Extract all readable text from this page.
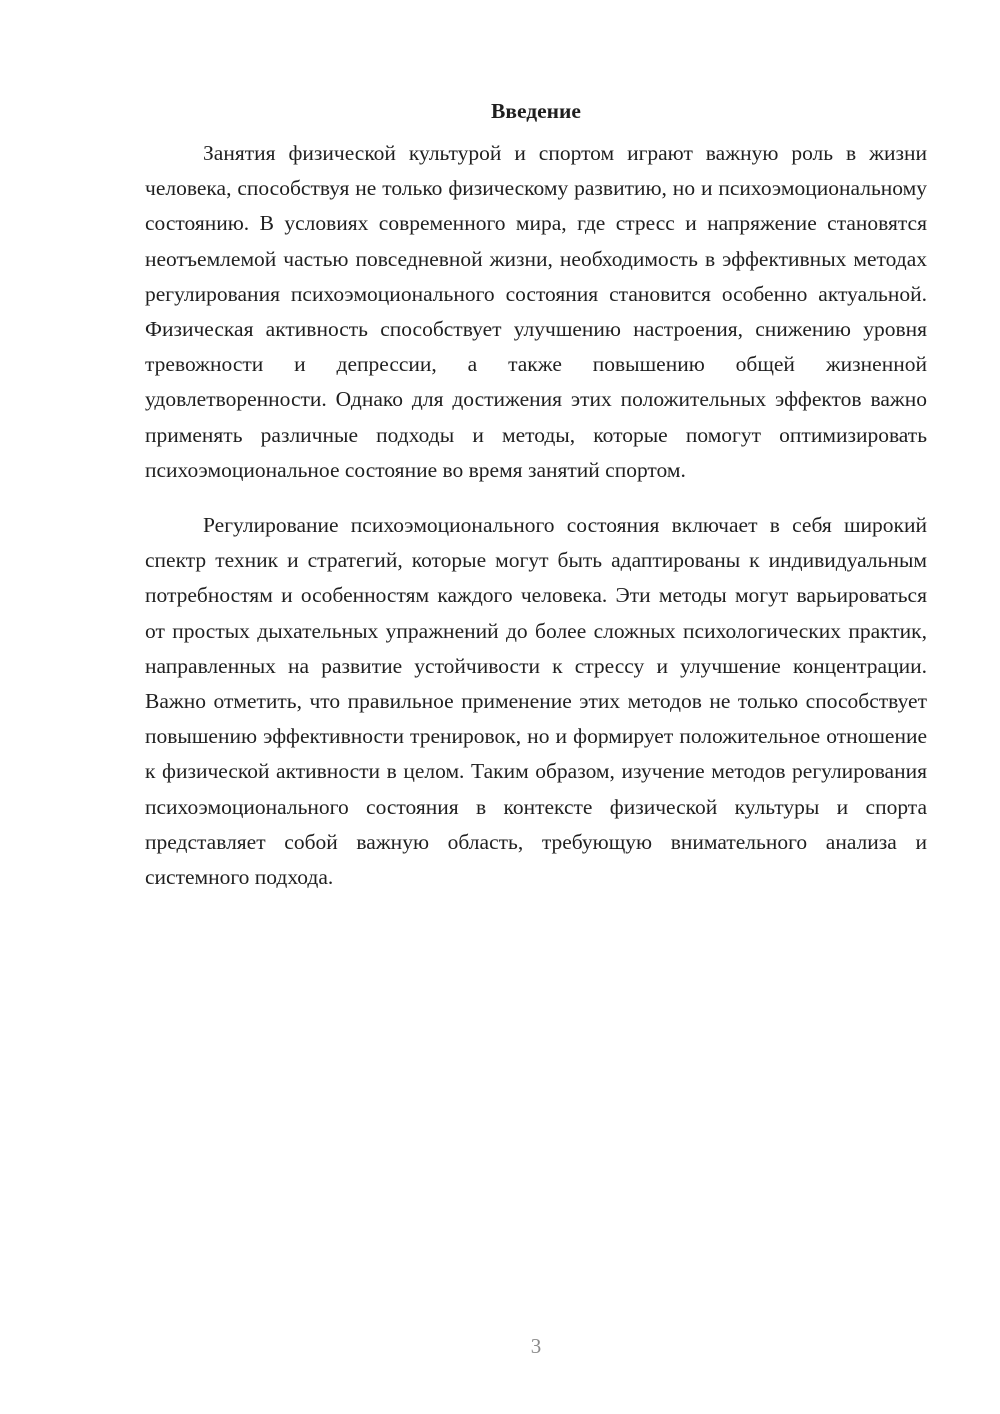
Введение

Занятия физической культурой и спортом играют важную роль в жизни человека, способствуя не только физическому развитию, но и психоэмоциональному состоянию. В условиях современного мира, где стресс и напряжение становятся неотъемлемой частью повседневной жизни, необходимость в эффективных методах регулирования психоэмоционального состояния становится особенно актуальной. Физическая активность способствует улучшению настроения, снижению уровня тревожности и депрессии, а также повышению общей жизненной удовлетворенности. Однако для достижения этих положительных эффектов важно применять различные подходы и методы, которые помогут оптимизировать психоэмоциональное состояние во время занятий спортом.

Регулирование психоэмоционального состояния включает в себя широкий спектр техник и стратегий, которые могут быть адаптированы к индивидуальным потребностям и особенностям каждого человека. Эти методы могут варьироваться от простых дыхательных упражнений до более сложных психологических практик, направленных на развитие устойчивости к стрессу и улучшение концентрации. Важно отметить, что правильное применение этих методов не только способствует повышению эффективности тренировок, но и формирует положительное отношение к физической активности в целом. Таким образом, изучение методов регулирования психоэмоционального состояния в контексте физической культуры и спорта представляет собой важную область, требующую внимательного анализа и системного подхода.

3
